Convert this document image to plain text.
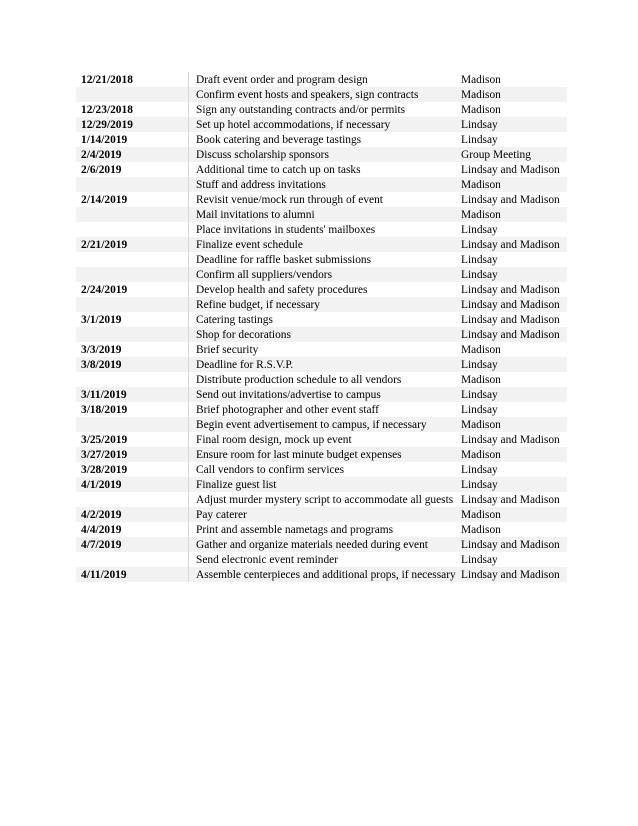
12/21/2018	Draft event order and program design	Madison
	Confirm event hosts and speakers, sign contracts	Madison
12/23/2018	Sign any outstanding contracts and/or permits	Madison
12/29/2019	Set up hotel accommodations, if necessary	Lindsay
1/14/2019	Book catering and beverage tastings	Lindsay
2/4/2019	Discuss scholarship sponsors	Group Meeting
2/6/2019	Additional time to catch up on tasks	Lindsay and Madison
	Stuff and address invitations	Madison
2/14/2019	Revisit venue/mock run through of event	Lindsay and Madison
	Mail invitations to alumni	Madison
	Place invitations in students' mailboxes	Lindsay
2/21/2019	Finalize event schedule	Lindsay and Madison
	Deadline for raffle basket submissions	Lindsay
	Confirm all suppliers/vendors	Lindsay
2/24/2019	Develop health and safety procedures	Lindsay and Madison
	Refine budget, if necessary	Lindsay and Madison
3/1/2019	Catering tastings	Lindsay and Madison
	Shop for decorations	Lindsay and Madison
3/3/2019	Brief security	Madison
3/8/2019	Deadline for R.S.V.P.	Lindsay
	Distribute production schedule to all vendors	Madison
3/11/2019	Send out invitations/advertise to campus	Lindsay
3/18/2019	Brief photographer and other event staff	Lindsay
	Begin event advertisement to campus, if necessary	Madison
3/25/2019	Final room design, mock up event	Lindsay and Madison
3/27/2019	Ensure room for last minute budget expenses	Madison
3/28/2019	Call vendors to confirm services	Lindsay
4/1/2019	Finalize guest list	Lindsay
	Adjust murder mystery script to accommodate all guests	Lindsay and Madison
4/2/2019	Pay caterer	Madison
4/4/2019	Print and assemble nametags and programs	Madison
4/7/2019	Gather and organize materials needed during event	Lindsay and Madison
	Send electronic event reminder	Lindsay
4/11/2019	Assemble centerpieces and additional props, if necessary	Lindsay and Madison
